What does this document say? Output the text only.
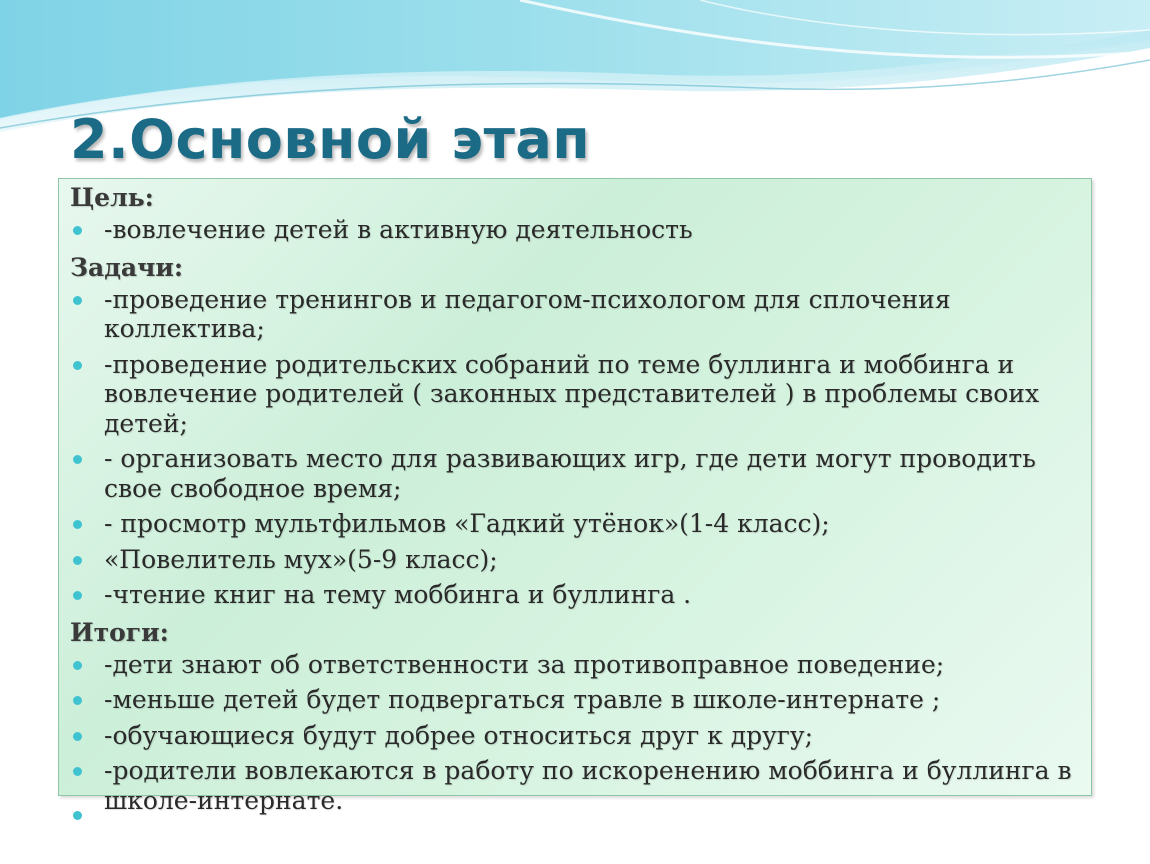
2.Основной этап
Цель:
-вовлечение детей в активную деятельность
Задачи:
-проведение тренингов и педагогом-психологом для сплочения коллектива;
-проведение родительских собраний по теме буллинга и моббинга и вовлечение родителей ( законных представителей ) в проблемы своих детей;
- организовать место для развивающих игр, где дети могут проводить свое свободное время;
- просмотр мультфильмов «Гадкий утёнок»(1-4 класс);
«Повелитель мух»(5-9 класс);
-чтение книг на тему моббинга и буллинга .
Итоги:
-дети знают об ответственности за противоправное поведение;
-меньше детей будет подвергаться травле в школе-интернате ;
-обучающиеся будут добрее относиться друг к другу;
-родители вовлекаются в работу по искоренению моббинга и буллинга в школе-интернате.
